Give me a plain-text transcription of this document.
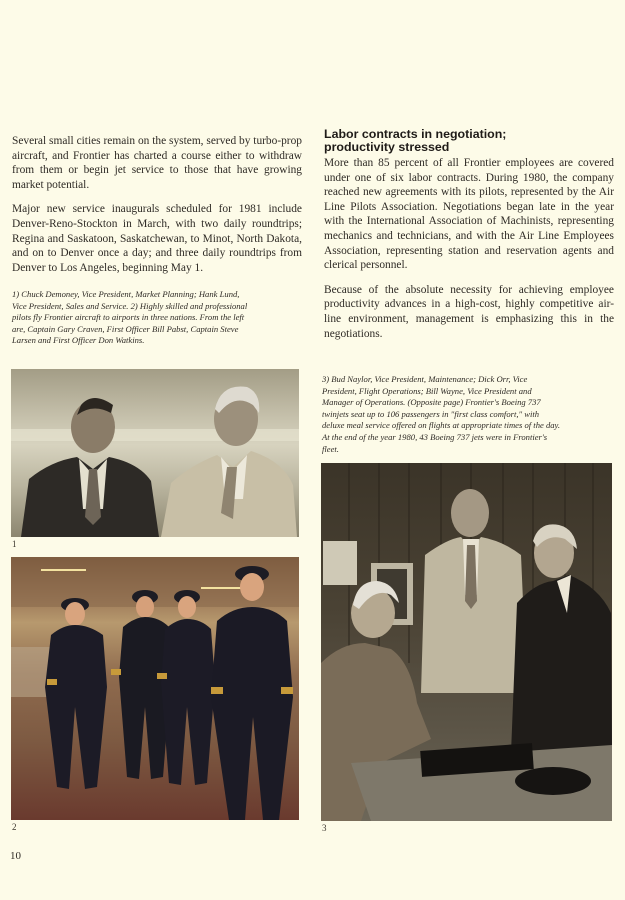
Several small cities remain on the system, served by turbo-prop aircraft, and Frontier has charted a course either to withdraw from them or begin jet service to those that have growing market potential.

Major new service inaugurals scheduled for 1981 include Denver-Reno-Stockton in March, with two daily roundtrips; Regina and Saskatoon, Saskatchewan, to Minot, North Dakota, and on to Denver once a day; and three daily roundtrips from Denver to Los Angeles, beginning May 1.

1) Chuck Demoney, Vice President, Market Planning; Hank Lund, Vice President, Sales and Service. 2) Highly skilled and professional pilots fly Frontier aircraft to airports in three nations. From the left are, Captain Gary Craven, First Officer Bill Pabst, Captain Steve Larsen and First Officer Don Watkins.
Labor contracts in negotiation;
productivity stressed

More than 85 percent of all Frontier employees are covered under one of six labor contracts. During 1980, the company reached new agreements with its pilots, represented by the Air Line Pilots Association. Negotiations began late in the year with the International Association of Machinists, representing mechanics and technicians, and with the Air Line Employees Association, representing station and reservation agents and clerical personnel.

Because of the absolute necessity for achieving employee productivity advances in a high-cost, highly competitive air-line environment, management is emphasizing this in the negotiations.

3) Bud Naylor, Vice President, Maintenance; Dick Orr, Vice President, Flight Operations; Bill Wayne, Vice President and Manager of Operations. (Opposite page) Frontier's Boeing 737 twinjets seat up to 106 passengers in "first class comfort," with deluxe meal service offered on flights at appropriate times of the day. At the end of the year 1980, 43 Boeing 737 jets were in Frontier's fleet.
1
2	3
10
